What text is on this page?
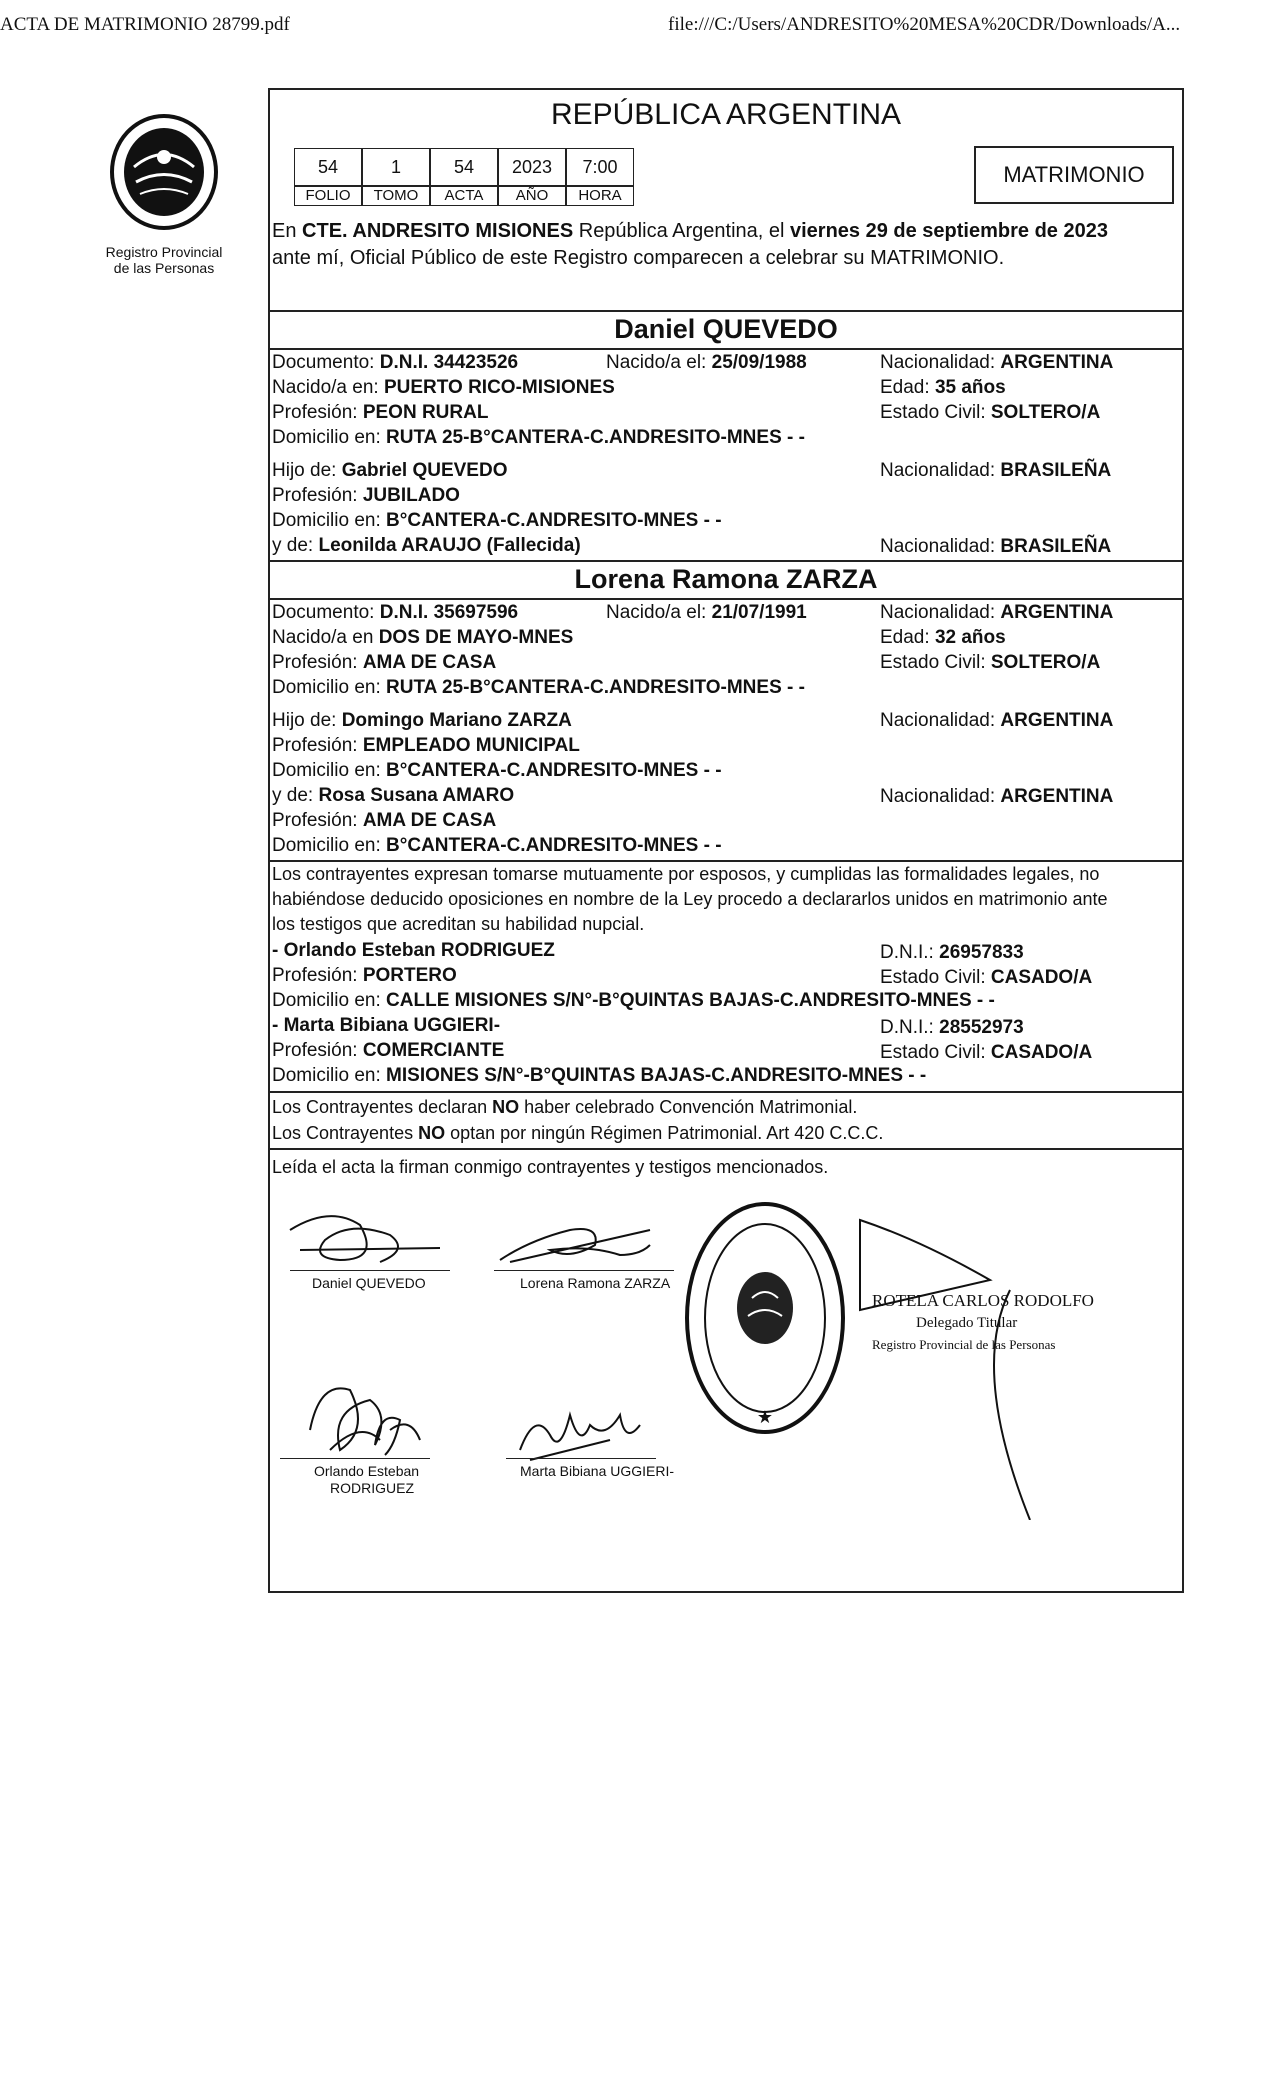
ACTA DE MATRIMONIO 28799.pdf	file:///C:/Users/ANDRESITO%20MESA%20CDR/Downloads/A...
Registro Provincial
de las Personas
REPÚBLICA ARGENTINA
54	1	54	2023	7:00
FOLIO	TOMO	ACTA	AÑO	HORA
MATRIMONIO
En CTE. ANDRESITO MISIONES República Argentina, el viernes 29 de septiembre de 2023
ante mí, Oficial Público de este Registro comparecen a celebrar su MATRIMONIO.
Daniel QUEVEDO
Documento: D.N.I. 34423526	Nacido/a el: 25/09/1988	Nacionalidad: ARGENTINA
Nacido/a en: PUERTO RICO-MISIONES	Edad: 35 años
Profesión: PEON RURAL	Estado Civil: SOLTERO/A
Domicilio en: RUTA 25-B°CANTERA-C.ANDRESITO-MNES - -
Hijo de: Gabriel QUEVEDO	Nacionalidad: BRASILEÑA
Profesión: JUBILADO
Domicilio en: B°CANTERA-C.ANDRESITO-MNES - -
y de: Leonilda ARAUJO (Fallecida)	Nacionalidad: BRASILEÑA
Lorena Ramona ZARZA
Documento: D.N.I. 35697596	Nacido/a el: 21/07/1991	Nacionalidad: ARGENTINA
Nacido/a en DOS DE MAYO-MNES	Edad: 32 años
Profesión: AMA DE CASA	Estado Civil: SOLTERO/A
Domicilio en: RUTA 25-B°CANTERA-C.ANDRESITO-MNES - -
Hijo de: Domingo Mariano ZARZA	Nacionalidad: ARGENTINA
Profesión: EMPLEADO MUNICIPAL
Domicilio en: B°CANTERA-C.ANDRESITO-MNES - -
y de: Rosa Susana AMARO	Nacionalidad: ARGENTINA
Profesión: AMA DE CASA
Domicilio en: B°CANTERA-C.ANDRESITO-MNES - -
Los contrayentes expresan tomarse mutuamente por esposos, y cumplidas las formalidades legales, no
habiéndose deducido oposiciones en nombre de la Ley procedo a declararlos unidos en matrimonio ante
los testigos que acreditan su habilidad nupcial.
- Orlando Esteban RODRIGUEZ	D.N.I.: 26957833
Profesión: PORTERO	Estado Civil: CASADO/A
Domicilio en: CALLE MISIONES S/N°-B°QUINTAS BAJAS-C.ANDRESITO-MNES - -
- Marta Bibiana UGGIERI-	D.N.I.: 28552973
Profesión: COMERCIANTE	Estado Civil: CASADO/A
Domicilio en: MISIONES S/N°-B°QUINTAS BAJAS-C.ANDRESITO-MNES - -
Los Contrayentes declaran NO haber celebrado Convención Matrimonial.
Los Contrayentes NO optan por ningún Régimen Patrimonial. Art 420 C.C.C.
Leída el acta la firman conmigo contrayentes y testigos mencionados.
Daniel QUEVEDO	Lorena Ramona ZARZA
Orlando Esteban
RODRIGUEZ
Marta Bibiana UGGIERI-
★
ROTELA CARLOS RODOLFO
Delegado Titular
Registro Provincial de las Personas
